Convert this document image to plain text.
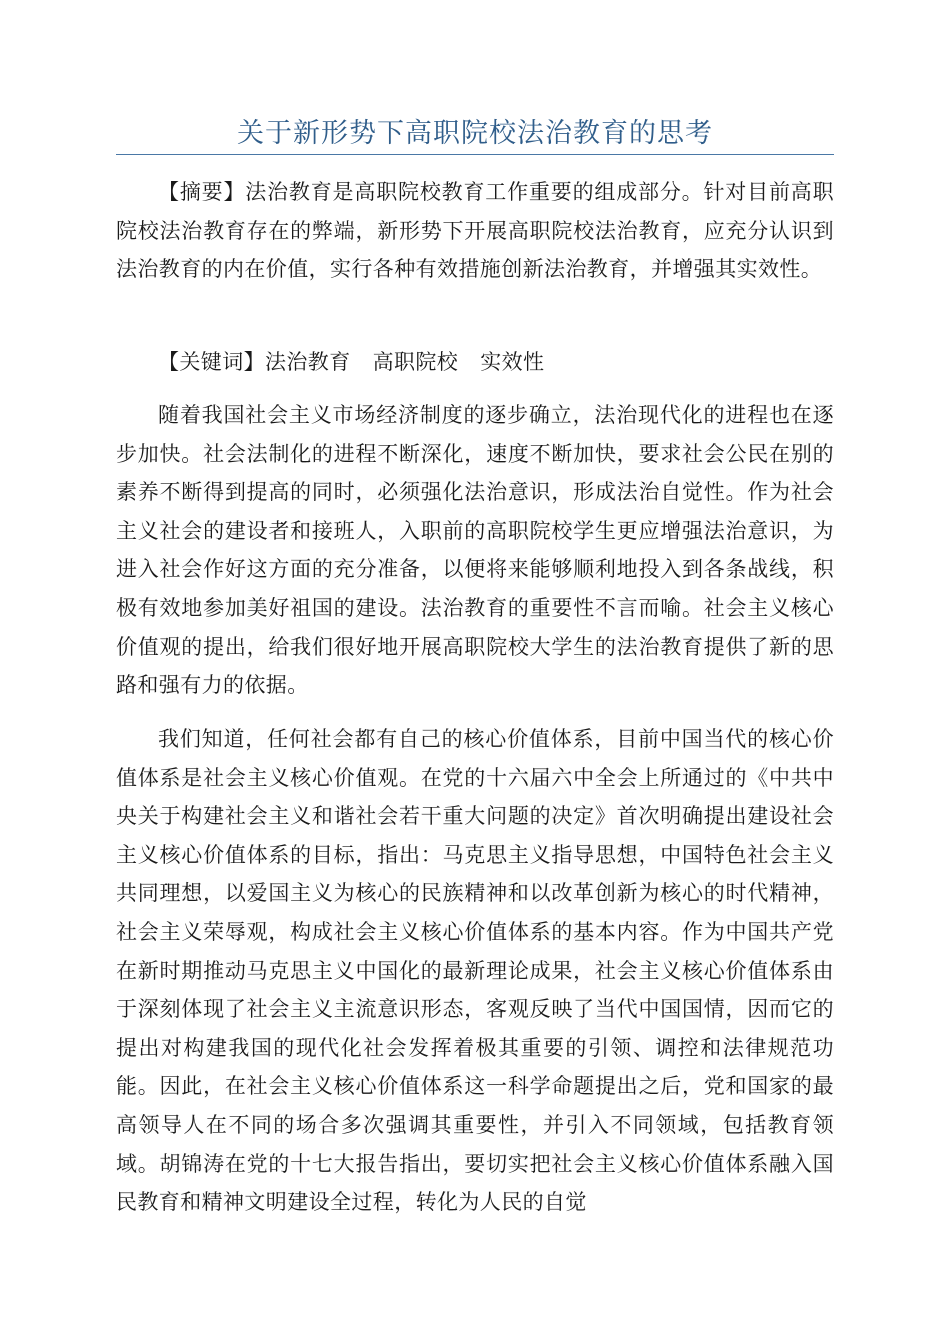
关于新形势下高职院校法治教育的思考

【摘要】法治教育是高职院校教育工作重要的组成部分。针对目前高职院校法治教育存在的弊端，新形势下开展高职院校法治教育，应充分认识到法治教育的内在价值，实行各种有效措施创新法治教育，并增强其实效性。

【关键词】法治教育 高职院校 实效性

随着我国社会主义市场经济制度的逐步确立，法治现代化的进程也在逐步加快。社会法制化的进程不断深化，速度不断加快，要求社会公民在别的素养不断得到提高的同时，必须强化法治意识，形成法治自觉性。作为社会主义社会的建设者和接班人，入职前的高职院校学生更应增强法治意识，为进入社会作好这方面的充分准备，以便将来能够顺利地投入到各条战线，积极有效地参加美好祖国的建设。法治教育的重要性不言而喻。社会主义核心价值观的提出，给我们很好地开展高职院校大学生的法治教育提供了新的思路和强有力的依据。

我们知道，任何社会都有自己的核心价值体系，目前中国当代的核心价值体系是社会主义核心价值观。在党的十六届六中全会上所通过的《中共中央关于构建社会主义和谐社会若干重大问题的决定》首次明确提出建设社会主义核心价值体系的目标，指出：马克思主义指导思想，中国特色社会主义共同理想，以爱国主义为核心的民族精神和以改革创新为核心的时代精神，社会主义荣辱观，构成社会主义核心价值体系的基本内容。作为中国共产党在新时期推动马克思主义中国化的最新理论成果，社会主义核心价值体系由于深刻体现了社会主义主流意识形态，客观反映了当代中国国情，因而它的提出对构建我国的现代化社会发挥着极其重要的引领、调控和法律规范功能。因此，在社会主义核心价值体系这一科学命题提出之后，党和国家的最高领导人在不同的场合多次强调其重要性，并引入不同领域，包括教育领域。胡锦涛在党的十七大报告指出，要切实把社会主义核心价值体系融入国民教育和精神文明建设全过程，转化为人民的自觉
